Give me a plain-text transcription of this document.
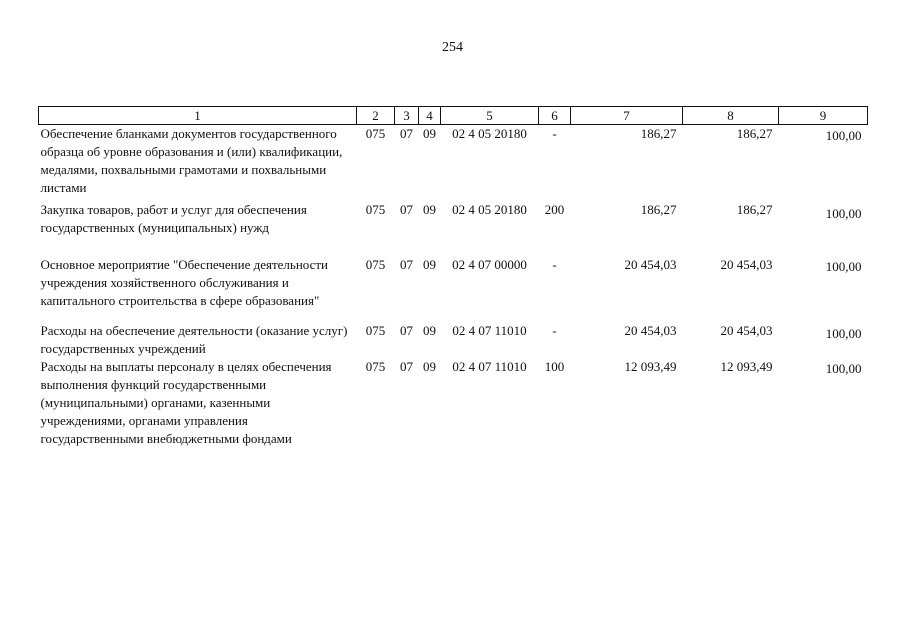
254
1	2	3	4	5	6	7	8	9
Обеспечение бланками документов государственного образца об уровне образования и (или) квалификации, медалями, похвальными грамотами и похвальными листами	075	07	09	02 4 05 20180	-	186,27	186,27	100,00

Закупка товаров, работ и услуг для обеспечения государственных (муниципальных) нужд	075	07	09	02 4 05 20180	200	186,27	186,27	100,00

Основное мероприятие "Обеспечение деятельности учреждения хозяйственного обслуживания и капитального строительства в сфере образования"	075	07	09	02 4 07 00000	-	20 454,03	20 454,03	100,00

Расходы на обеспечение деятельности (оказание услуг) государственных учреждений	075	07	09	02 4 07 11010	-	20 454,03	20 454,03	100,00
Расходы на выплаты персоналу в целях обеспечения выполнения функций государственными (муниципальными) органами, казенными учреждениями, органами управления государственными внебюджетными фондами	075	07	09	02 4 07 11010	100	12 093,49	12 093,49	100,00
